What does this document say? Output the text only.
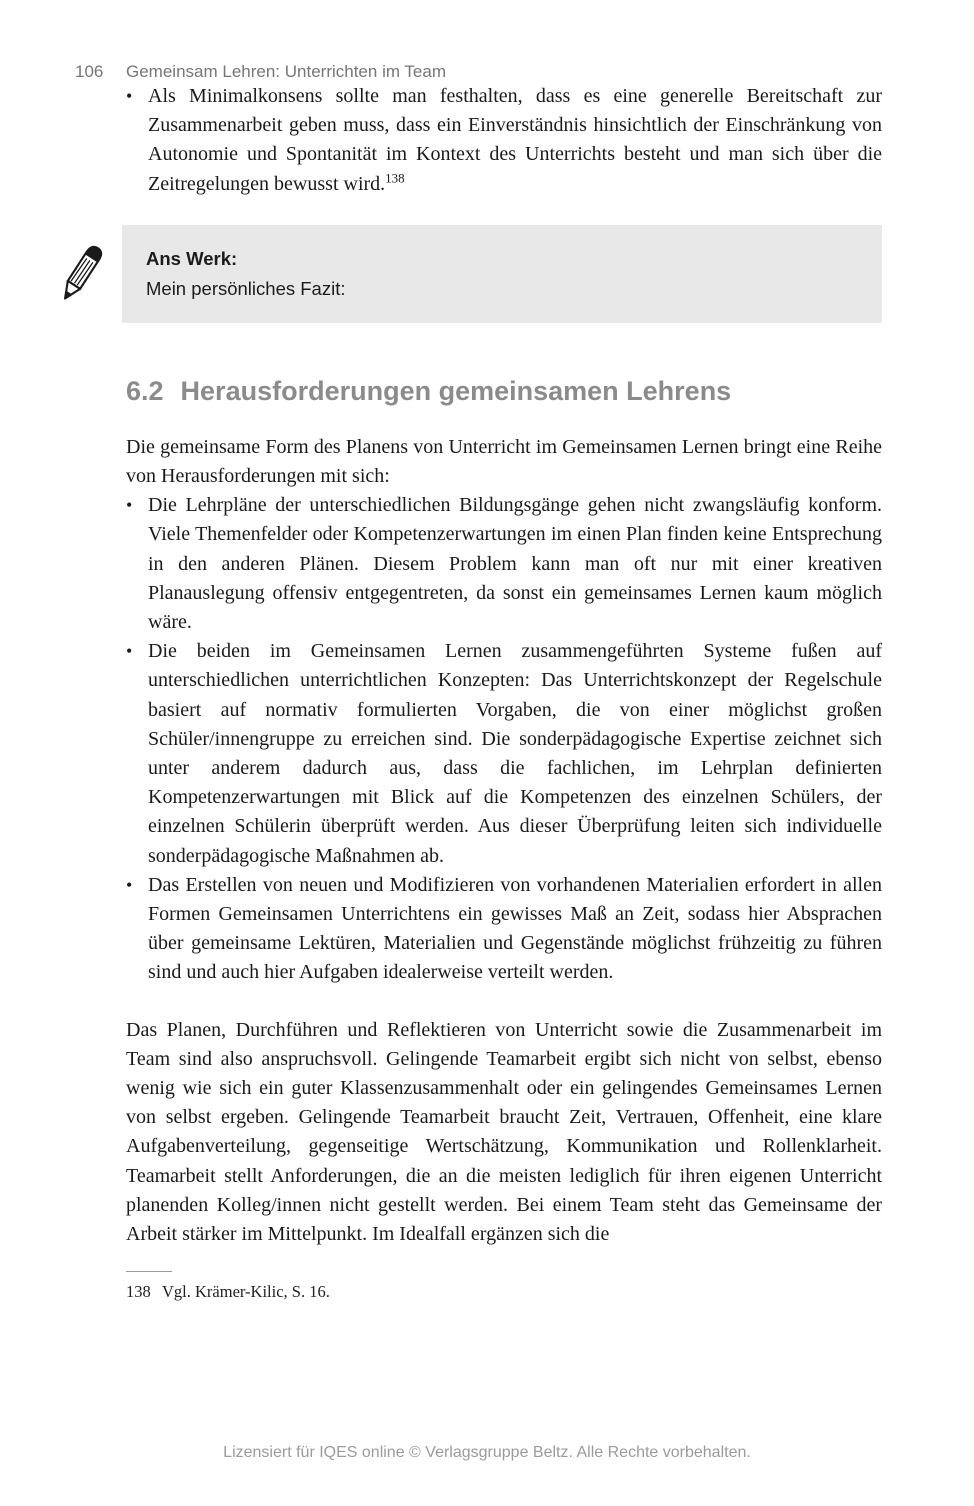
106	Gemeinsam Lehren: Unterrichten im Team
• Als Minimalkonsens sollte man festhalten, dass es eine generelle Bereitschaft zur Zusammenarbeit geben muss, dass ein Einverständnis hinsichtlich der Einschränkung von Autonomie und Spontanität im Kontext des Unterrichts besteht und man sich über die Zeitregelungen bewusst wird.$^{138}$
Ans Werk:
Mein persönliches Fazit:
6.2 Herausforderungen gemeinsamen Lehrens

Die gemeinsame Form des Planens von Unterricht im Gemeinsamen Lernen bringt eine Reihe von Herausforderungen mit sich:

• Die Lehrpläne der unterschiedlichen Bildungsgänge gehen nicht zwangsläufig konform. Viele Themenfelder oder Kompetenzerwartungen im einen Plan finden keine Entsprechung in den anderen Plänen. Diesem Problem kann man oft nur mit einer kreativen Planauslegung offensiv entgegentreten, da sonst ein gemeinsames Lernen kaum möglich wäre.
• Die beiden im Gemeinsamen Lernen zusammengeführten Systeme fußen auf unterschiedlichen unterrichtlichen Konzepten: Das Unterrichtskonzept der Regelschule basiert auf normativ formulierten Vorgaben, die von einer möglichst großen Schüler/innengruppe zu erreichen sind. Die sonderpädagogische Expertise zeichnet sich unter anderem dadurch aus, dass die fachlichen, im Lehrplan definierten Kompetenzerwartungen mit Blick auf die Kompetenzen des einzelnen Schülers, der einzelnen Schülerin überprüft werden. Aus dieser Überprüfung leiten sich individuelle sonderpädagogische Maßnahmen ab.
• Das Erstellen von neuen und Modifizieren von vorhandenen Materialien erfordert in allen Formen Gemeinsamen Unterrichtens ein gewisses Maß an Zeit, sodass hier Absprachen über gemeinsame Lektüren, Materialien und Gegenstände möglichst frühzeitig zu führen sind und auch hier Aufgaben idealerweise verteilt werden.

Das Planen, Durchführen und Reflektieren von Unterricht sowie die Zusammenarbeit im Team sind also anspruchsvoll. Gelingende Teamarbeit ergibt sich nicht von selbst, ebenso wenig wie sich ein guter Klassenzusammenhalt oder ein gelingendes Gemeinsames Lernen von selbst ergeben. Gelingende Teamarbeit braucht Zeit, Vertrauen, Offenheit, eine klare Aufgabenverteilung, gegenseitige Wertschätzung, Kommunikation und Rollenklarheit. Teamarbeit stellt Anforderungen, die an die meisten lediglich für ihren eigenen Unterricht planenden Kolleg/innen nicht gestellt werden. Bei einem Team steht das Gemeinsame der Arbeit stärker im Mittelpunkt. Im Idealfall ergänzen sich die

138 Vgl. Krämer-Kilic, S. 16.
Lizensiert für IQES online © Verlagsgruppe Beltz. Alle Rechte vorbehalten.
